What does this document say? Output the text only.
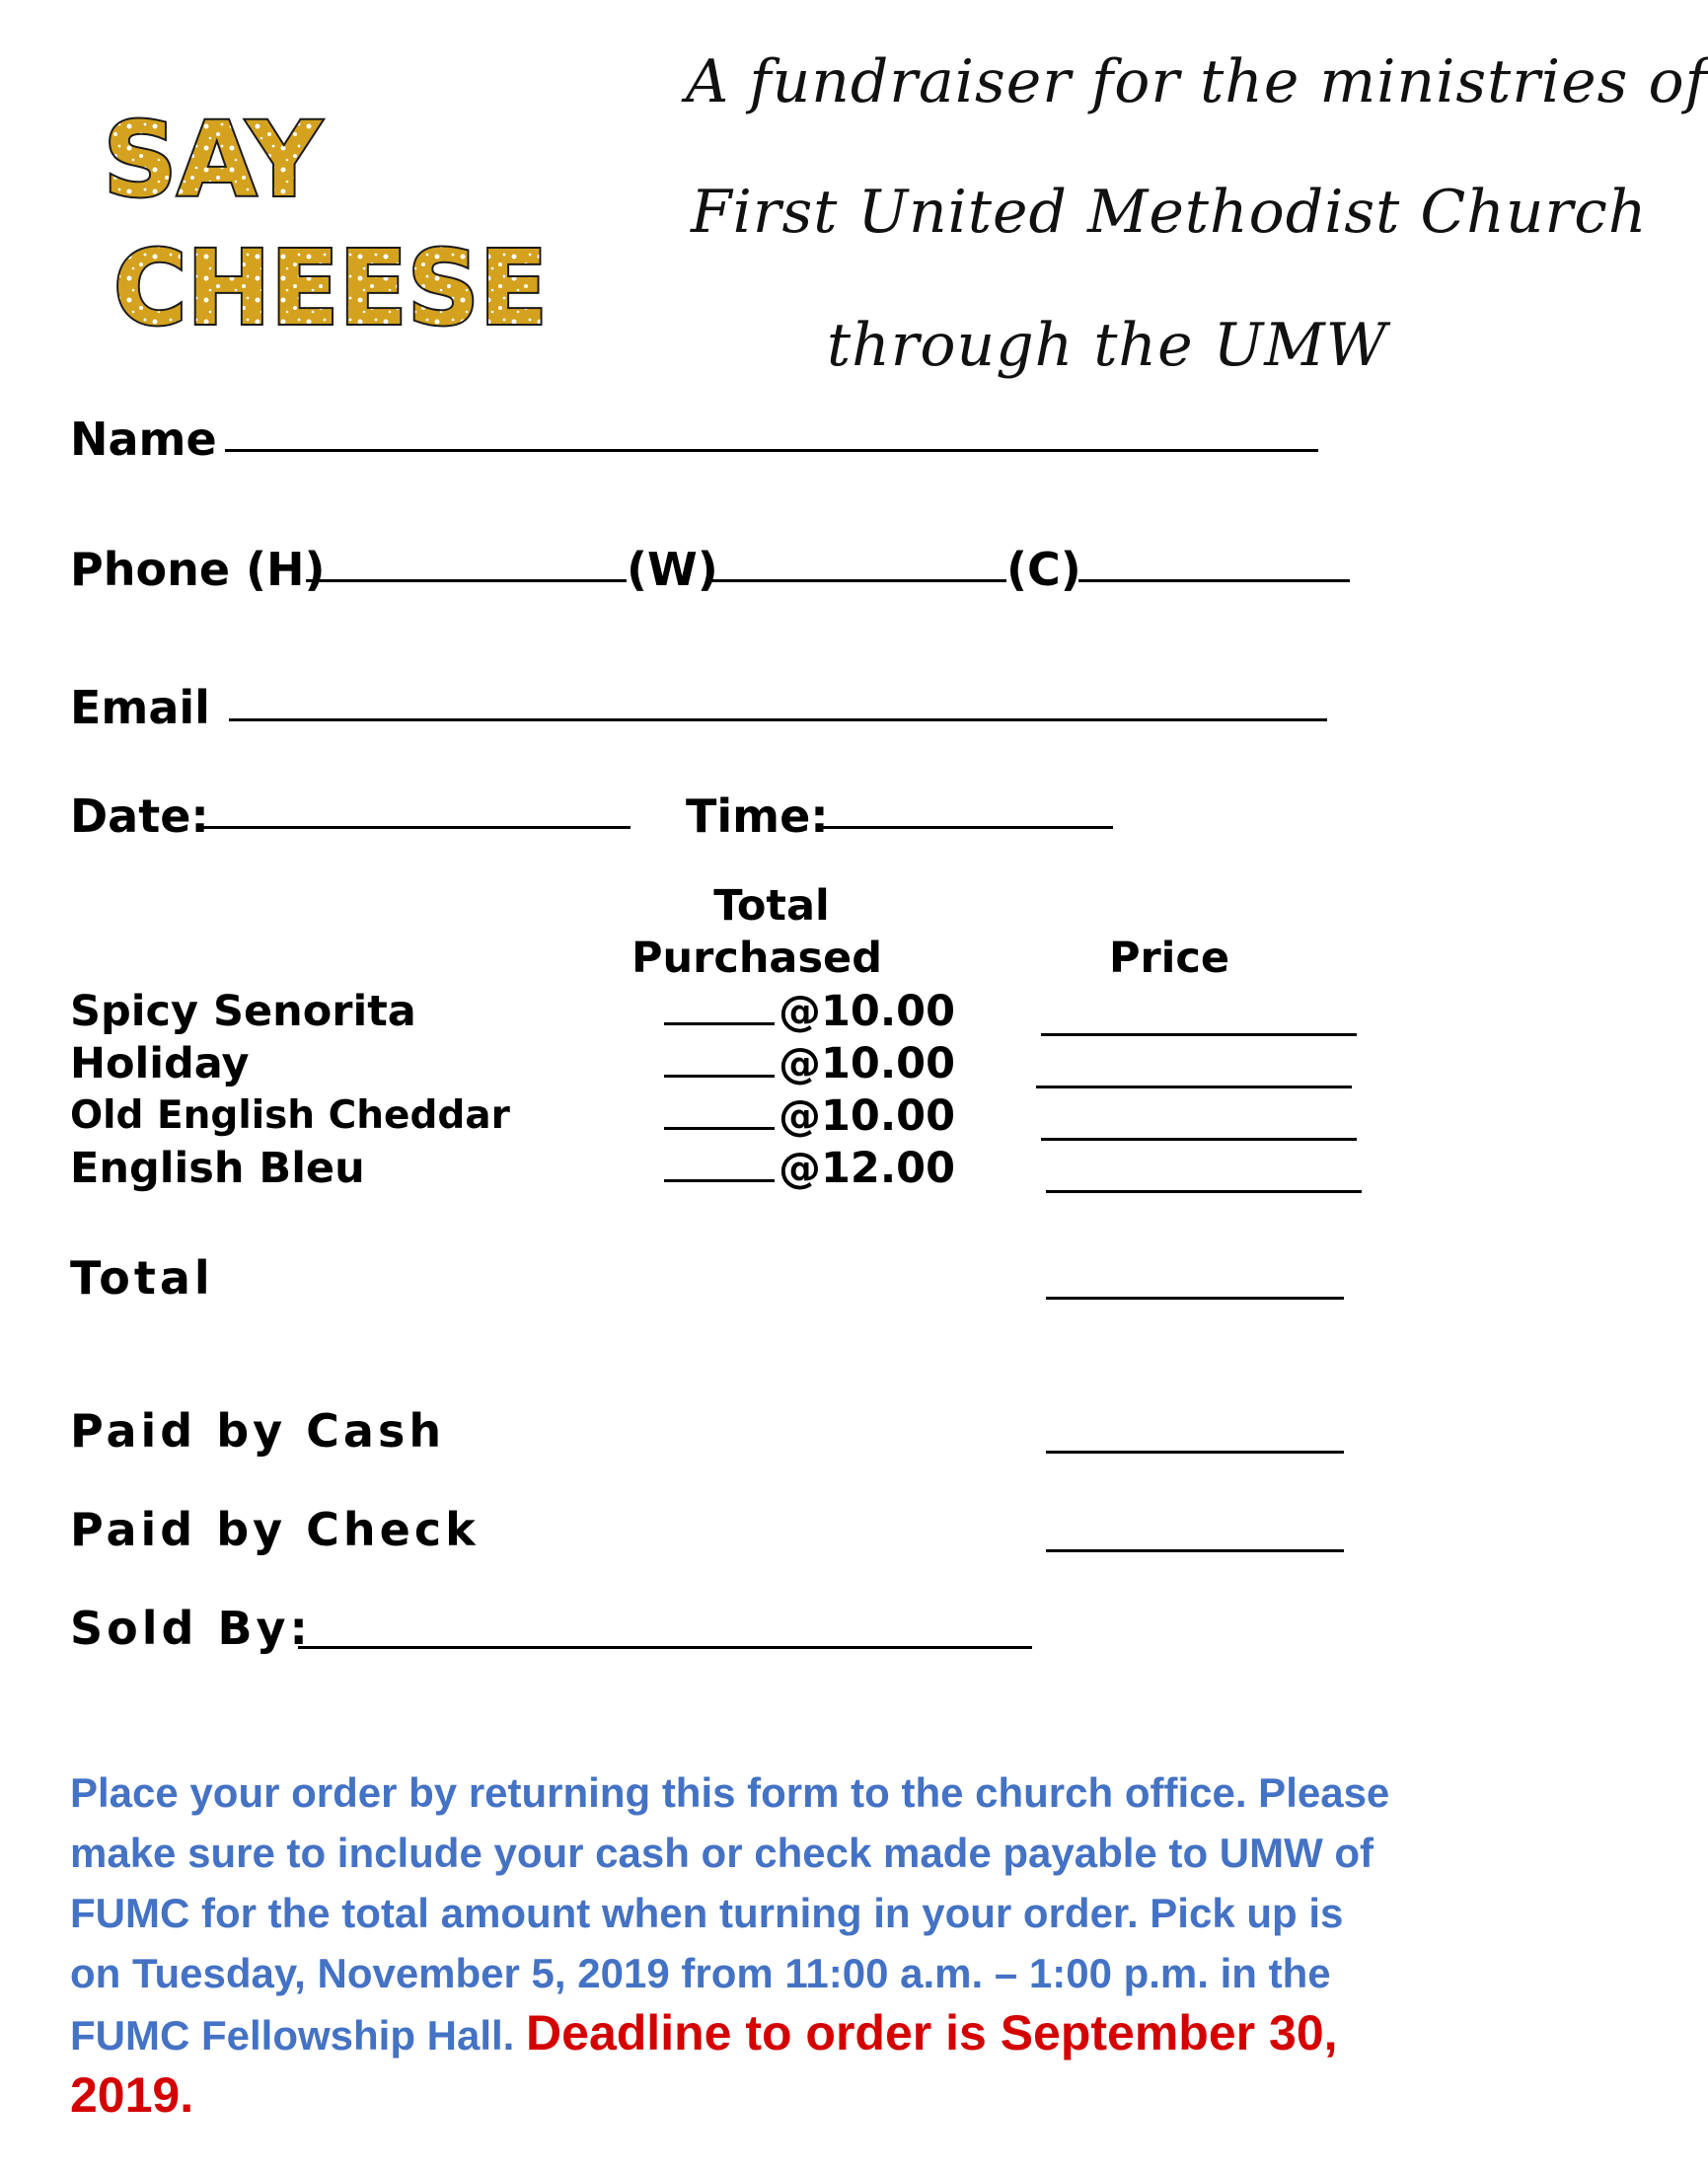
SAY
CHEESE
A fundraiser for the ministries of
First United Methodist Church
through the UMW
Name
Phone (H)	(W)	(C)
Email
Date:	Time:
Total
Purchased	Price
Spicy Senorita	@10.00
Holiday	@10.00
Old English Cheddar	@10.00
English Bleu	@12.00
Total
Paid by Cash
Paid by Check
Sold By:
Place your order by returning this form to the church office. Please make sure to include your cash or check made payable to UMW of FUMC for the total amount when turning in your order. Pick up is on Tuesday, November 5, 2019 from 11:00 a.m. – 1:00 p.m. in the FUMC Fellowship Hall. Deadline to order is September 30, 2019.
